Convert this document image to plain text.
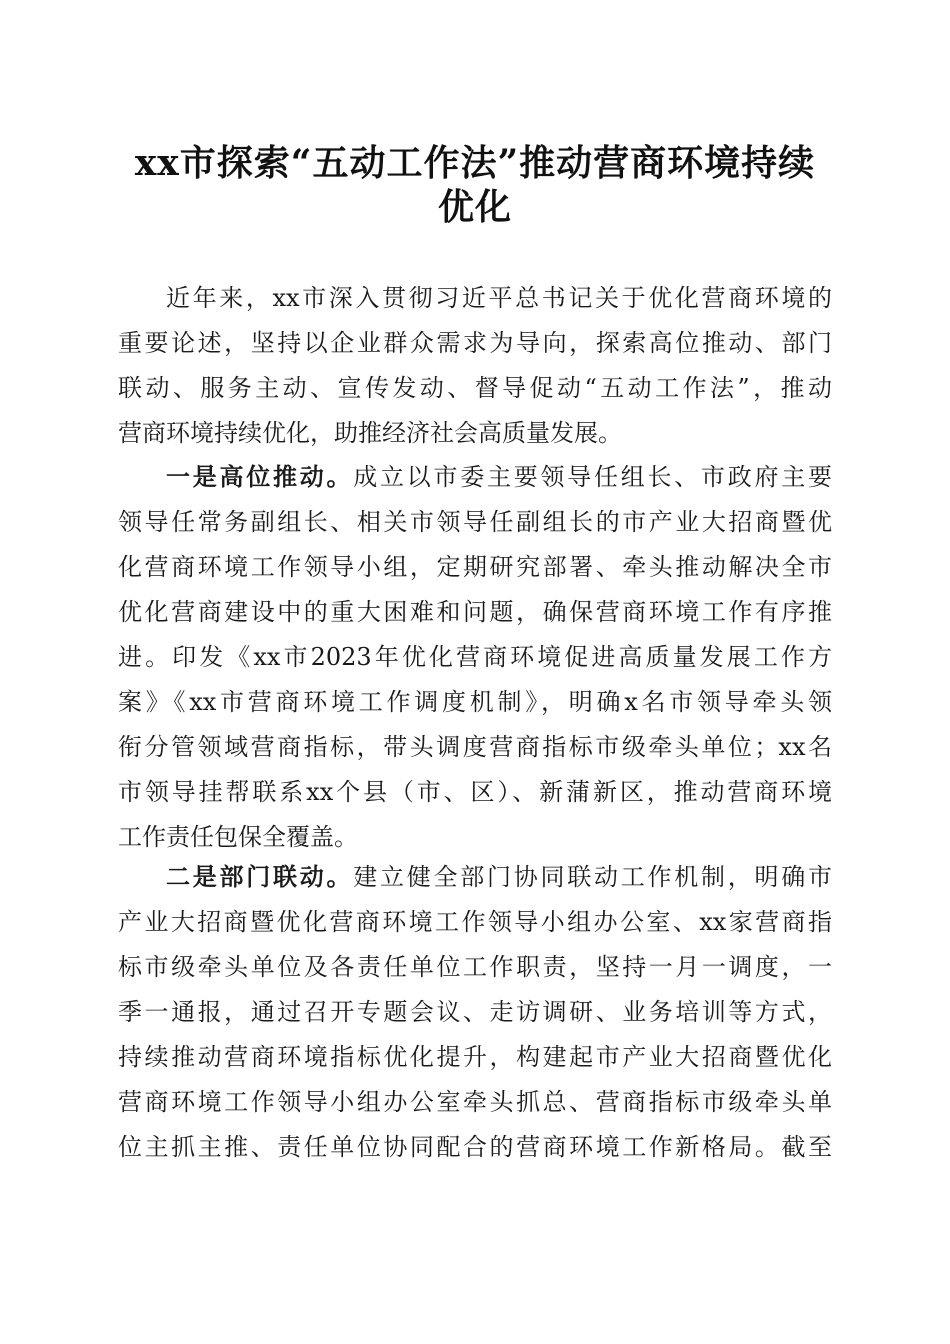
xx市探索“五动工作法”推动营商环境持续
优化
近年来，xx市深入贯彻习近平总书记关于优化营商环境的
重要论述，坚持以企业群众需求为导向，探索高位推动、部门
联动、服务主动、宣传发动、督导促动“五动工作法”，推动
营商环境持续优化，助推经济社会高质量发展。
一是高位推动。成立以市委主要领导任组长、市政府主要
领导任常务副组长、相关市领导任副组长的市产业大招商暨优
化营商环境工作领导小组，定期研究部署、牵头推动解决全市
优化营商建设中的重大困难和问题，确保营商环境工作有序推
进。印发《xx市2023年优化营商环境促进高质量发展工作方
案》《xx市营商环境工作调度机制》，明确x名市领导牵头领
衔分管领域营商指标，带头调度营商指标市级牵头单位；xx名
市领导挂帮联系xx个县（市、区）、新蒲新区，推动营商环境
工作责任包保全覆盖。
二是部门联动。建立健全部门协同联动工作机制，明确市
产业大招商暨优化营商环境工作领导小组办公室、xx家营商指
标市级牵头单位及各责任单位工作职责，坚持一月一调度，一
季一通报，通过召开专题会议、走访调研、业务培训等方式，
持续推动营商环境指标优化提升，构建起市产业大招商暨优化
营商环境工作领导小组办公室牵头抓总、营商指标市级牵头单
位主抓主推、责任单位协同配合的营商环境工作新格局。截至
